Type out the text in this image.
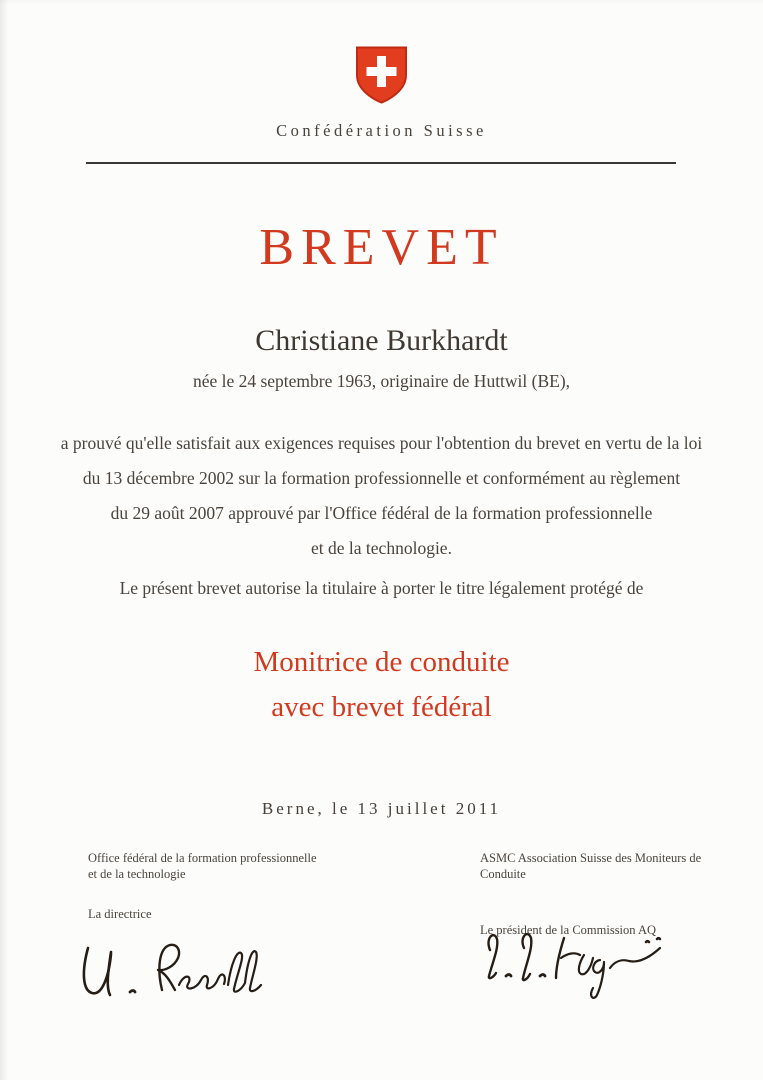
Confédération Suisse
BREVET
Christiane Burkhardt
née le 24 septembre 1963, originaire de Huttwil (BE),
a prouvé qu'elle satisfait aux exigences requises pour l'obtention du brevet en vertu de la loi
du 13 décembre 2002 sur la formation professionnelle et conformément au règlement
du 29 août 2007 approuvé par l'Office fédéral de la formation professionnelle
et de la technologie.
Le présent brevet autorise la titulaire à porter le titre légalement protégé de
Monitrice de conduite
avec brevet fédéral
Berne, le 13 juillet 2011
Office fédéral de la formation professionnelle
et de la technologie
La directrice
ASMC Association Suisse des Moniteurs de Conduite
Le président de la Commission AQ
